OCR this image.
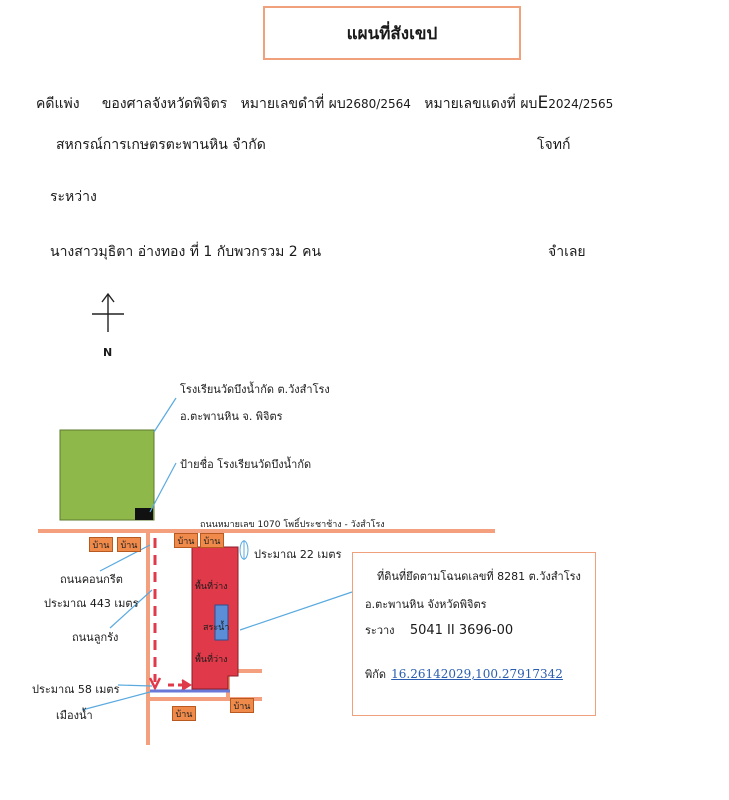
แผนที่สังเขป
คดีแพ่ง ของศาลจังหวัดพิจิตร หมายเลขดำที่ ผบ2680/2564 หมายเลขแดงที่ ผบE2024/2565
สหกรณ์การเกษตรตะพานหิน จำกัด	โจทก์
ระหว่าง
นางสาวมุธิตา อ่างทอง ที่ 1 กับพวกรวม 2 คน	จำเลย
N
บ้าน	บ้าน	บ้าน	บ้าน
บ้าน
บ้าน
โรงเรียนวัดบึงน้ำกัด ต.วังสำโรง
อ.ตะพานหิน จ. พิจิตร
ป้ายชื่อ โรงเรียนวัดบึงน้ำกัด
ถนนหมายเลข 1070 โพธิ์ประชาช้าง - วังสำโรง
ประมาณ 22 เมตร
ถนนคอนกรีต
ประมาณ 443 เมตร
ถนนลูกรัง
ประมาณ 58 เมตร
เมืองน้ำ
พื้นที่ว่าง
สระน้ำ
พื้นที่ว่าง
ที่ดินที่ยึดตามโฉนดเลขที่ 8281 ต.วังสำโรง
อ.ตะพานหิน จังหวัดพิจิตร
ระวาง 5041 II 3696-00
พิกัด 16.26142029,100.27917342
